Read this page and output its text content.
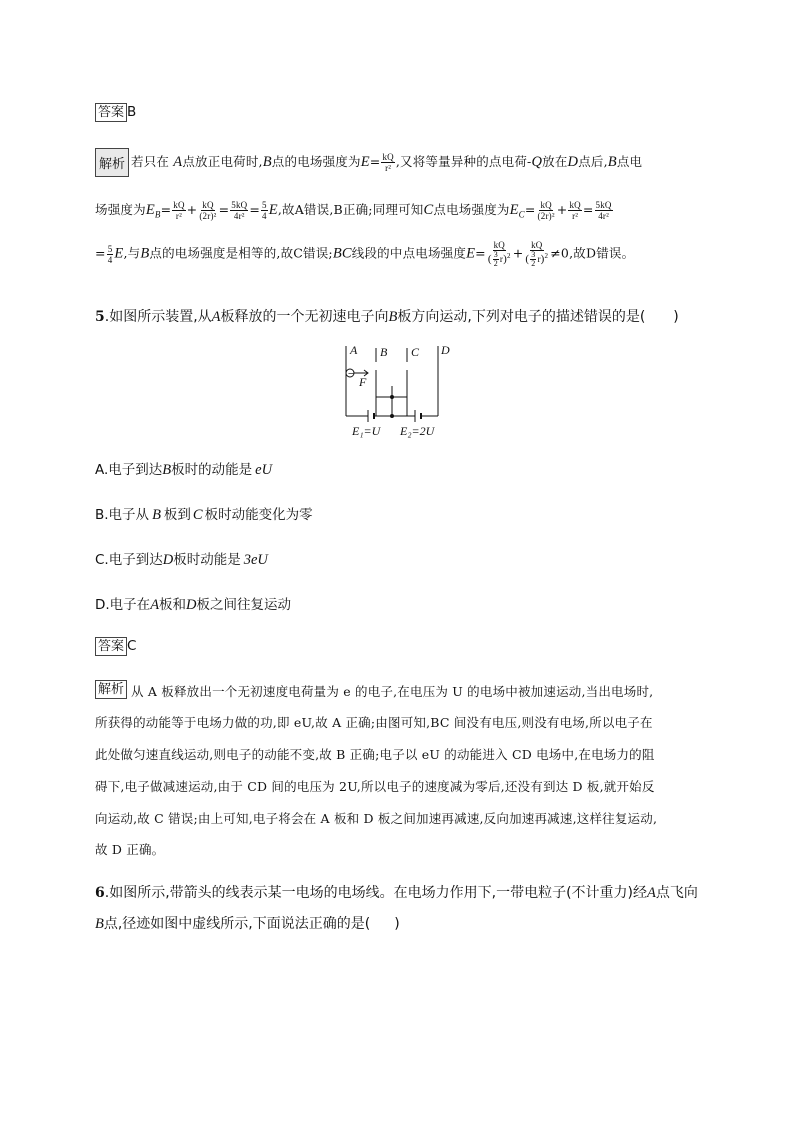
答案 B
解析 若只在 A点放正电荷时,B点的电场强度为$E= \frac{kQ}{\text{r²}}$ ,又将等量异种的点电荷-Q放在D点后,B点电
场强度为$E_B= \frac{kQ}{\text{r²}} + \frac{kQ}{\text{(2r)²}} = \frac{5kQ}{\text{4r²}} = \frac{5}{4} E$,故A错误,B正确;同理可知C点电场强度为$E_C= \frac{kQ}{\text{(2r)²}} + \frac{kQ}{\text{r²}} = \frac{5kQ}{\text{4r²}}$
= $\frac{5}{4} E$,与B点的电场强度是相等的,故C错误;BC线段的中点电场强度$E= \frac{kQ}{( \frac{3}{2} r)^2} + \frac{kQ}{( \frac{3}{2} r)^2} \ne 0$,故D错误。
5.如图所示装置,从A板释放的一个无初速电子向B板方向运动,下列对电子的描述错误的是( )
A B C D
−
F
E₁=U E₂=2U
A.电子到达B板时的动能是 eU
B.电子从 B 板到 C 板时动能变化为零
C.电子到达D板时动能是 3eU
D.电子在A板和D板之间往复运动
答案 C
解析 从 A 板释放出一个无初速度电荷量为 e 的电子,在电压为 U 的电场中被加速运动,当出电场时,
所获得的动能等于电场力做的功,即 eU,故 A 正确;由图可知,BC 间没有电压,则没有电场,所以电子在
此处做匀速直线运动,则电子的动能不变,故 B 正确;电子以 eU 的动能进入 CD 电场中,在电场力的阻
碍下,电子做减速运动,由于 CD 间的电压为 2U,所以电子的速度减为零后,还没有到达 D 板,就开始反
向运动,故 C 错误;由上可知,电子将会在 A 板和 D 板之间加速再减速,反向加速再减速,这样往复运动,
故 D 正确。
6.如图所示,带箭头的线表示某一电场的电场线。在电场力作用下,一带电粒子(不计重力)经A点飞向
B点,径迹如图中虚线所示,下面说法正确的是( )
